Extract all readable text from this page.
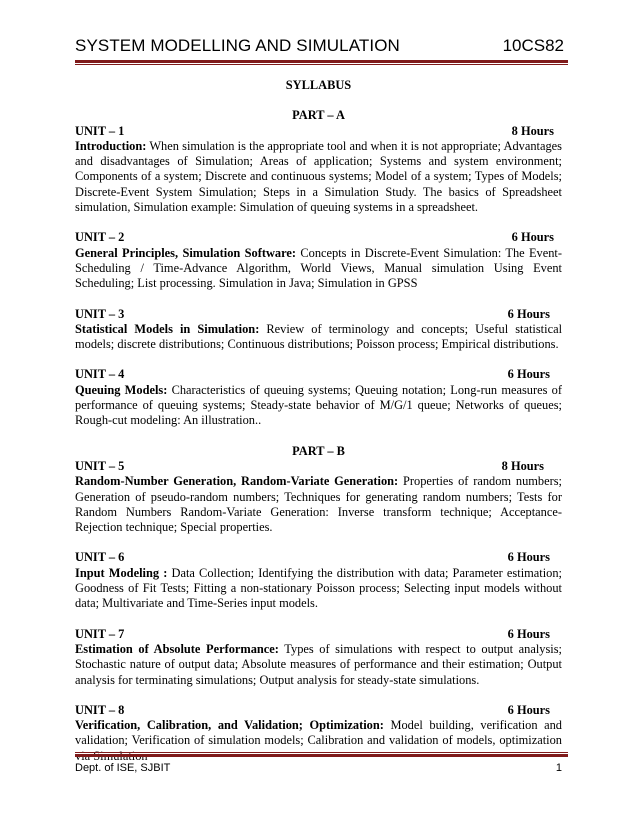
SYSTEM MODELLING AND SIMULATION	10CS82

SYLLABUS

PART – A

UNIT – 1	8 Hours

Introduction: When simulation is the appropriate tool and when it is not appropriate; Advantages and disadvantages of Simulation; Areas of application; Systems and system environment; Components of a system; Discrete and continuous systems; Model of a system; Types of Models; Discrete-Event System Simulation; Steps in a Simulation Study. The basics of Spreadsheet simulation, Simulation example: Simulation of queuing systems in a spreadsheet.

UNIT – 2	6 Hours

General Principles, Simulation Software: Concepts in Discrete-Event Simulation: The Event-Scheduling / Time-Advance Algorithm, World Views, Manual simulation Using Event Scheduling; List processing. Simulation in Java; Simulation in GPSS

UNIT – 3	6 Hours

Statistical Models in Simulation: Review of terminology and concepts; Useful statistical models; discrete distributions; Continuous distributions; Poisson process; Empirical distributions.

UNIT – 4	6 Hours

Queuing Models: Characteristics of queuing systems; Queuing notation; Long-run measures of performance of queuing systems; Steady-state behavior of M/G/1 queue; Networks of queues; Rough-cut modeling: An illustration..

PART – B

UNIT – 5	8 Hours

Random-Number Generation, Random-Variate Generation: Properties of random numbers; Generation of pseudo-random numbers; Techniques for generating random numbers; Tests for Random Numbers Random-Variate Generation: Inverse transform technique; Acceptance-Rejection technique; Special properties.

UNIT – 6	6 Hours

Input Modeling : Data Collection; Identifying the distribution with data; Parameter estimation; Goodness of Fit Tests; Fitting a non-stationary Poisson process; Selecting input models without data; Multivariate and Time-Series input models.

UNIT – 7	6 Hours

Estimation of Absolute Performance: Types of simulations with respect to output analysis; Stochastic nature of output data; Absolute measures of performance and their estimation; Output analysis for terminating simulations; Output analysis for steady-state simulations.

UNIT – 8	6 Hours

Verification, Calibration, and Validation; Optimization: Model building, verification and validation; Verification of simulation models; Calibration and validation of models, optimization

Dept. of ISE, SJBIT	1
